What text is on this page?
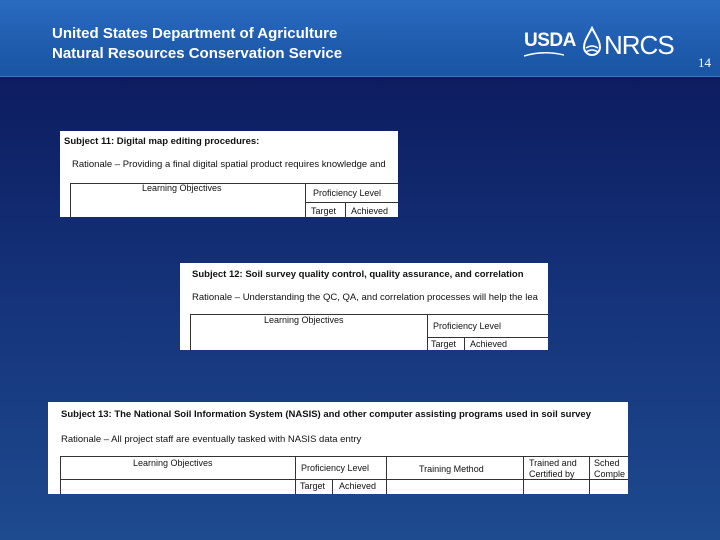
United States Department of Agriculture
Natural Resources Conservation Service
USDA NRCS
14
Subject 11: Digital map editing procedures:
Rationale – Providing a final digital spatial product requires knowledge and
Learning Objectives	Proficiency Level
Target Achieved
Subject 12: Soil survey quality control, quality assurance, and correlation
Rationale – Understanding the QC, QA, and correlation processes will help the lea
Learning Objectives
Proficiency Level
Target Achieved
Subject 13: The National Soil Information System (NASIS) and other computer assisting programs used in soil survey
Rationale – All project staff are eventually tasked with NASIS data entry
Learning Objectives	Proficiency Level
Target Achieved
Training Method
Trained and
Certified by
Sched
Comple
